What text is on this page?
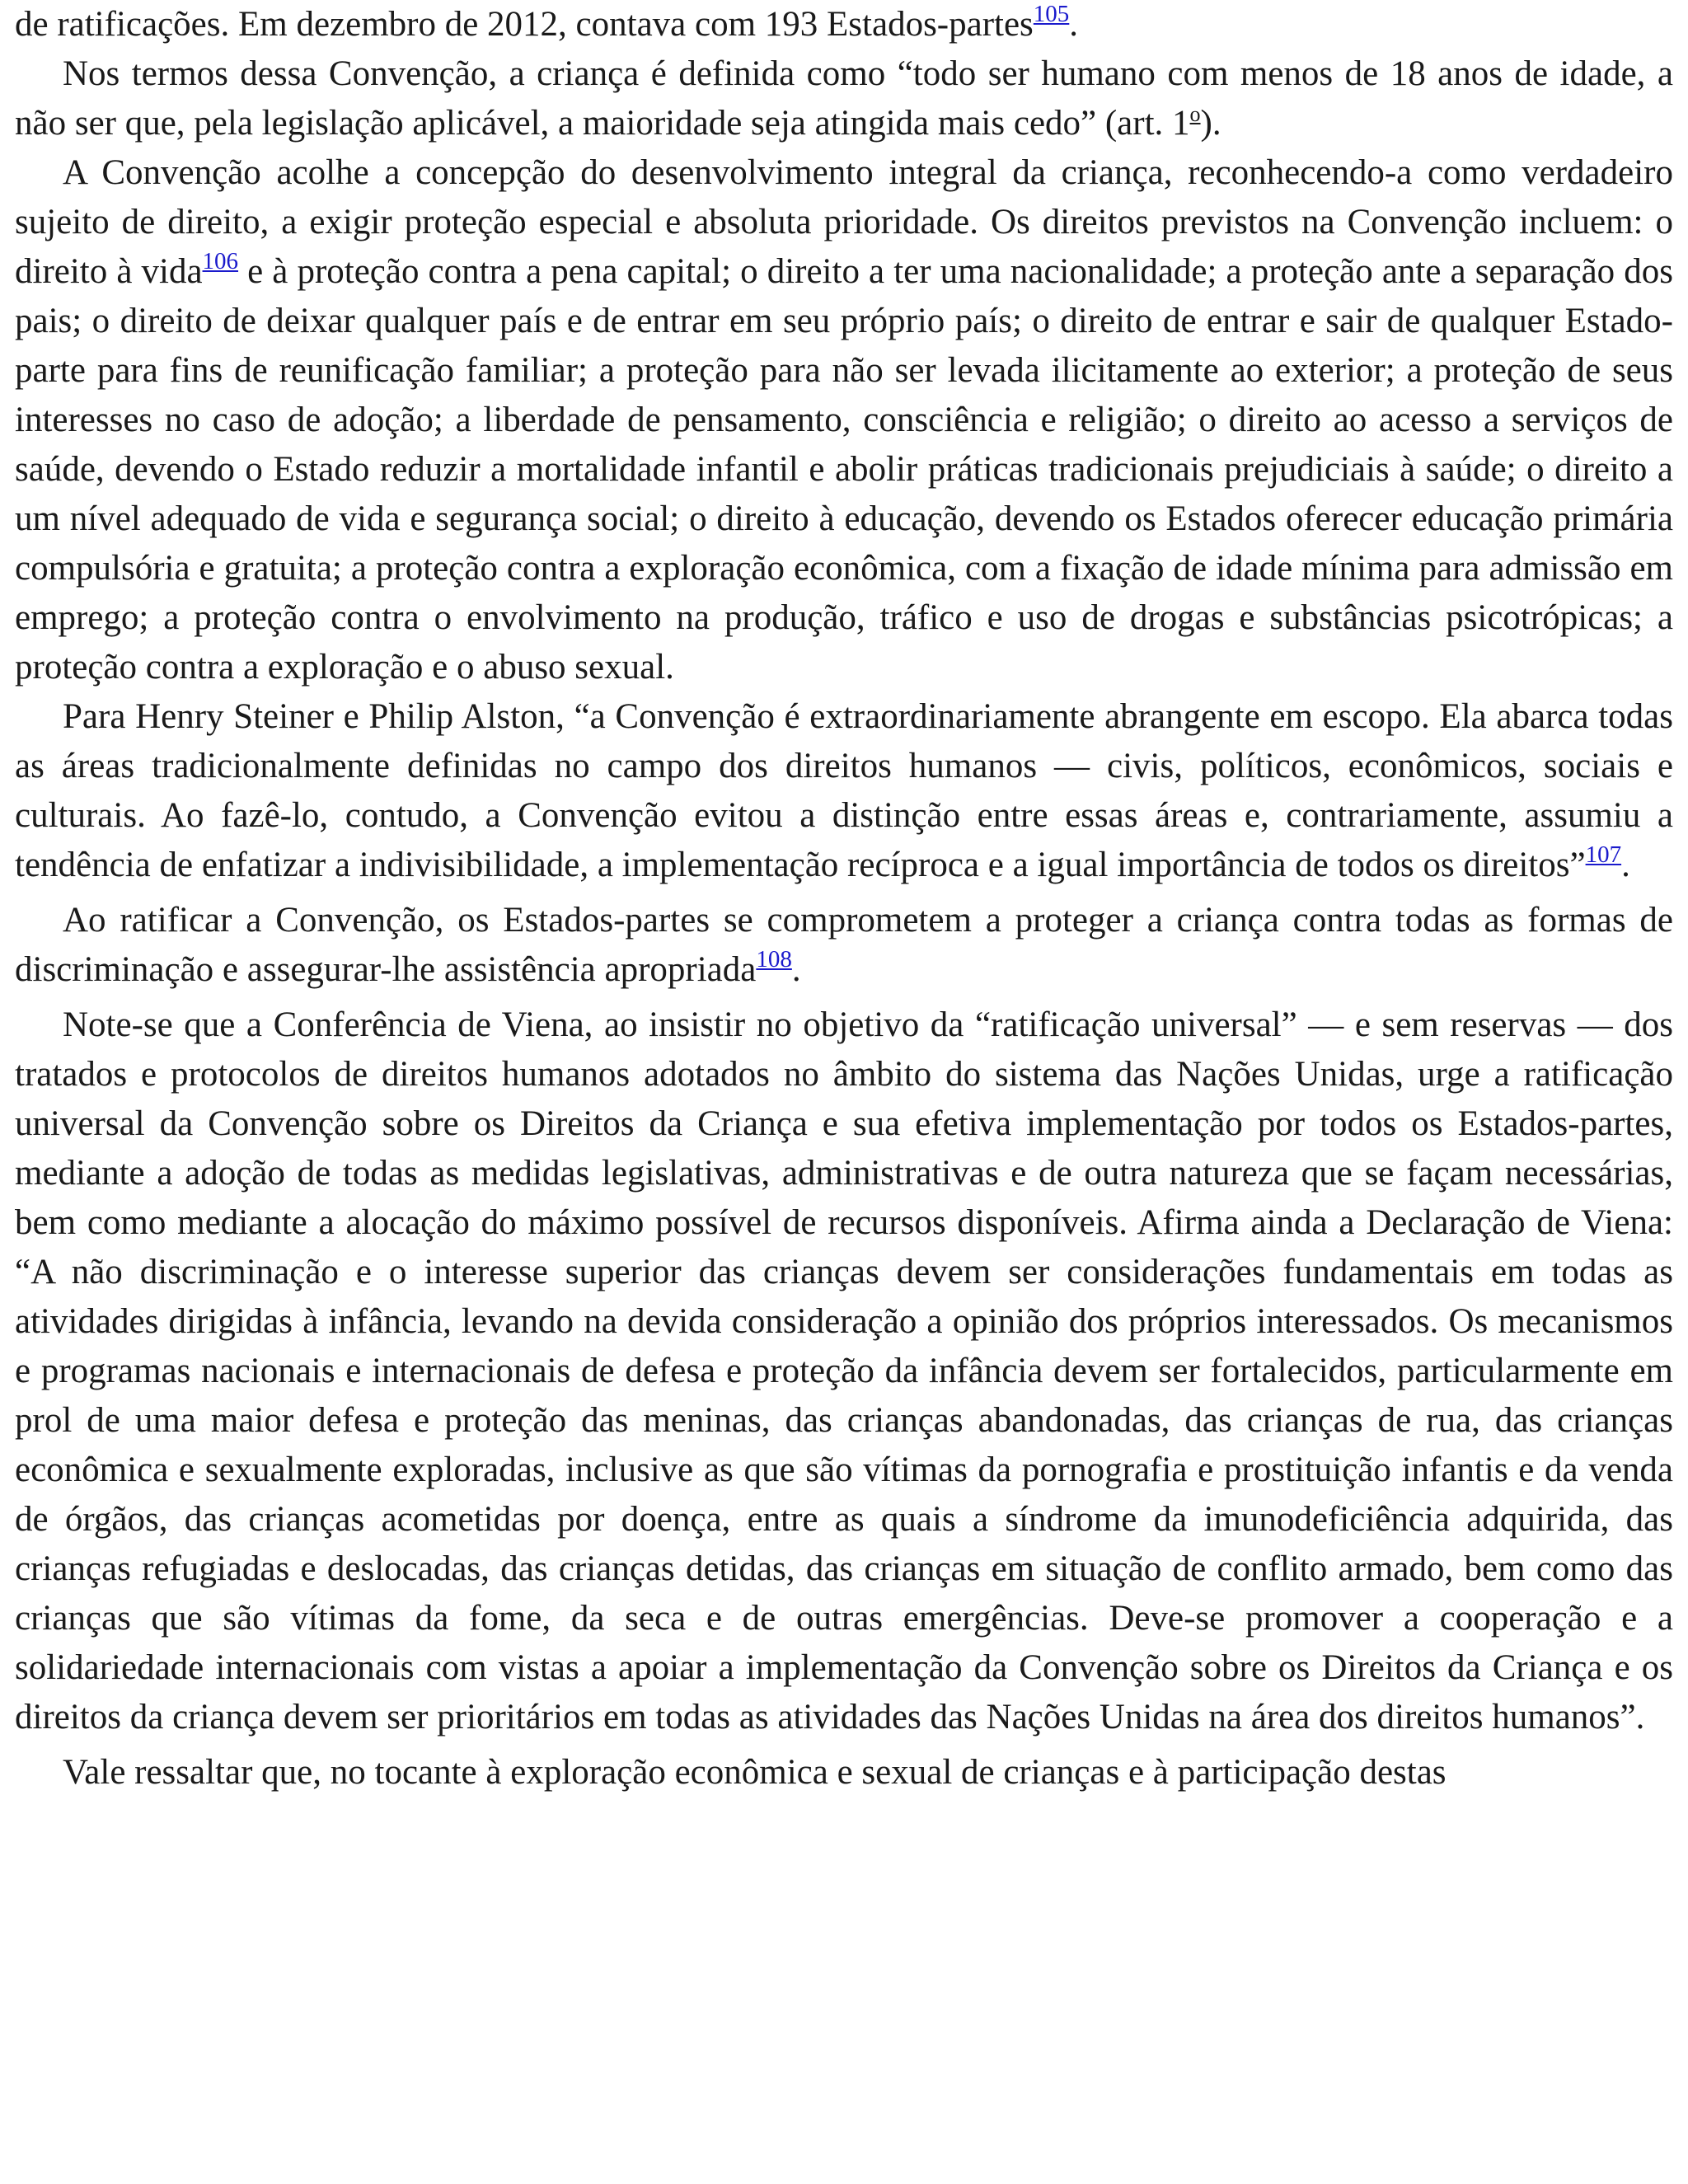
de ratificações. Em dezembro de 2012, contava com 193 Estados-partes$^{105}$.

Nos termos dessa Convenção, a criança é definida como “todo ser humano com menos de 18 anos de idade, a não ser que, pela legislação aplicável, a maioridade seja atingida mais cedo” (art. 1$^o$).

A Convenção acolhe a concepção do desenvolvimento integral da criança, reconhecendo-a como verdadeiro sujeito de direito, a exigir proteção especial e absoluta prioridade. Os direitos previstos na Convenção incluem: o direito à vida$^{106}$ e à proteção contra a pena capital; o direito a ter uma nacionalidade; a proteção ante a separação dos pais; o direito de deixar qualquer país e de entrar em seu próprio país; o direito de entrar e sair de qualquer Estado-parte para fins de reunificação familiar; a proteção para não ser levada ilicitamente ao exterior; a proteção de seus interesses no caso de adoção; a liberdade de pensamento, consciência e religião; o direito ao acesso a serviços de saúde, devendo o Estado reduzir a mortalidade infantil e abolir práticas tradicionais prejudiciais à saúde; o direito a um nível adequado de vida e segurança social; o direito à educação, devendo os Estados oferecer educação primária compulsória e gratuita; a proteção contra a exploração econômica, com a fixação de idade mínima para admissão em emprego; a proteção contra o envolvimento na produção, tráfico e uso de drogas e substâncias psicotrópicas; a proteção contra a exploração e o abuso sexual.

Para Henry Steiner e Philip Alston, “a Convenção é extraordinariamente abrangente em escopo. Ela abarca todas as áreas tradicionalmente definidas no campo dos direitos humanos — civis, políticos, econômicos, sociais e culturais. Ao fazê-lo, contudo, a Convenção evitou a distinção entre essas áreas e, contrariamente, assumiu a tendência de enfatizar a indivisibilidade, a implementação recíproca e a igual importância de todos os direitos”$^{107}$.

Ao ratificar a Convenção, os Estados-partes se comprometem a proteger a criança contra todas as formas de discriminação e assegurar-lhe assistência apropriada$^{108}$.

Note-se que a Conferência de Viena, ao insistir no objetivo da “ratificação universal” — e sem reservas — dos tratados e protocolos de direitos humanos adotados no âmbito do sistema das Nações Unidas, urge a ratificação universal da Convenção sobre os Direitos da Criança e sua efetiva implementação por todos os Estados-partes, mediante a adoção de todas as medidas legislativas, administrativas e de outra natureza que se façam necessárias, bem como mediante a alocação do máximo possível de recursos disponíveis. Afirma ainda a Declaração de Viena: “A não discriminação e o interesse superior das crianças devem ser considerações fundamentais em todas as atividades dirigidas à infância, levando na devida consideração a opinião dos próprios interessados. Os mecanismos e programas nacionais e internacionais de defesa e proteção da infância devem ser fortalecidos, particularmente em prol de uma maior defesa e proteção das meninas, das crianças abandonadas, das crianças de rua, das crianças econômica e sexualmente exploradas, inclusive as que são vítimas da pornografia e prostituição infantis e da venda de órgãos, das crianças acometidas por doença, entre as quais a síndrome da imunodeficiência adquirida, das crianças refugiadas e deslocadas, das crianças detidas, das crianças em situação de conflito armado, bem como das crianças que são vítimas da fome, da seca e de outras emergências. Deve-se promover a cooperação e a solidariedade internacionais com vistas a apoiar a implementação da Convenção sobre os Direitos da Criança e os direitos da criança devem ser prioritários em todas as atividades das Nações Unidas na área dos direitos humanos”.

Vale ressaltar que, no tocante à exploração econômica e sexual de crianças e à participação destas
